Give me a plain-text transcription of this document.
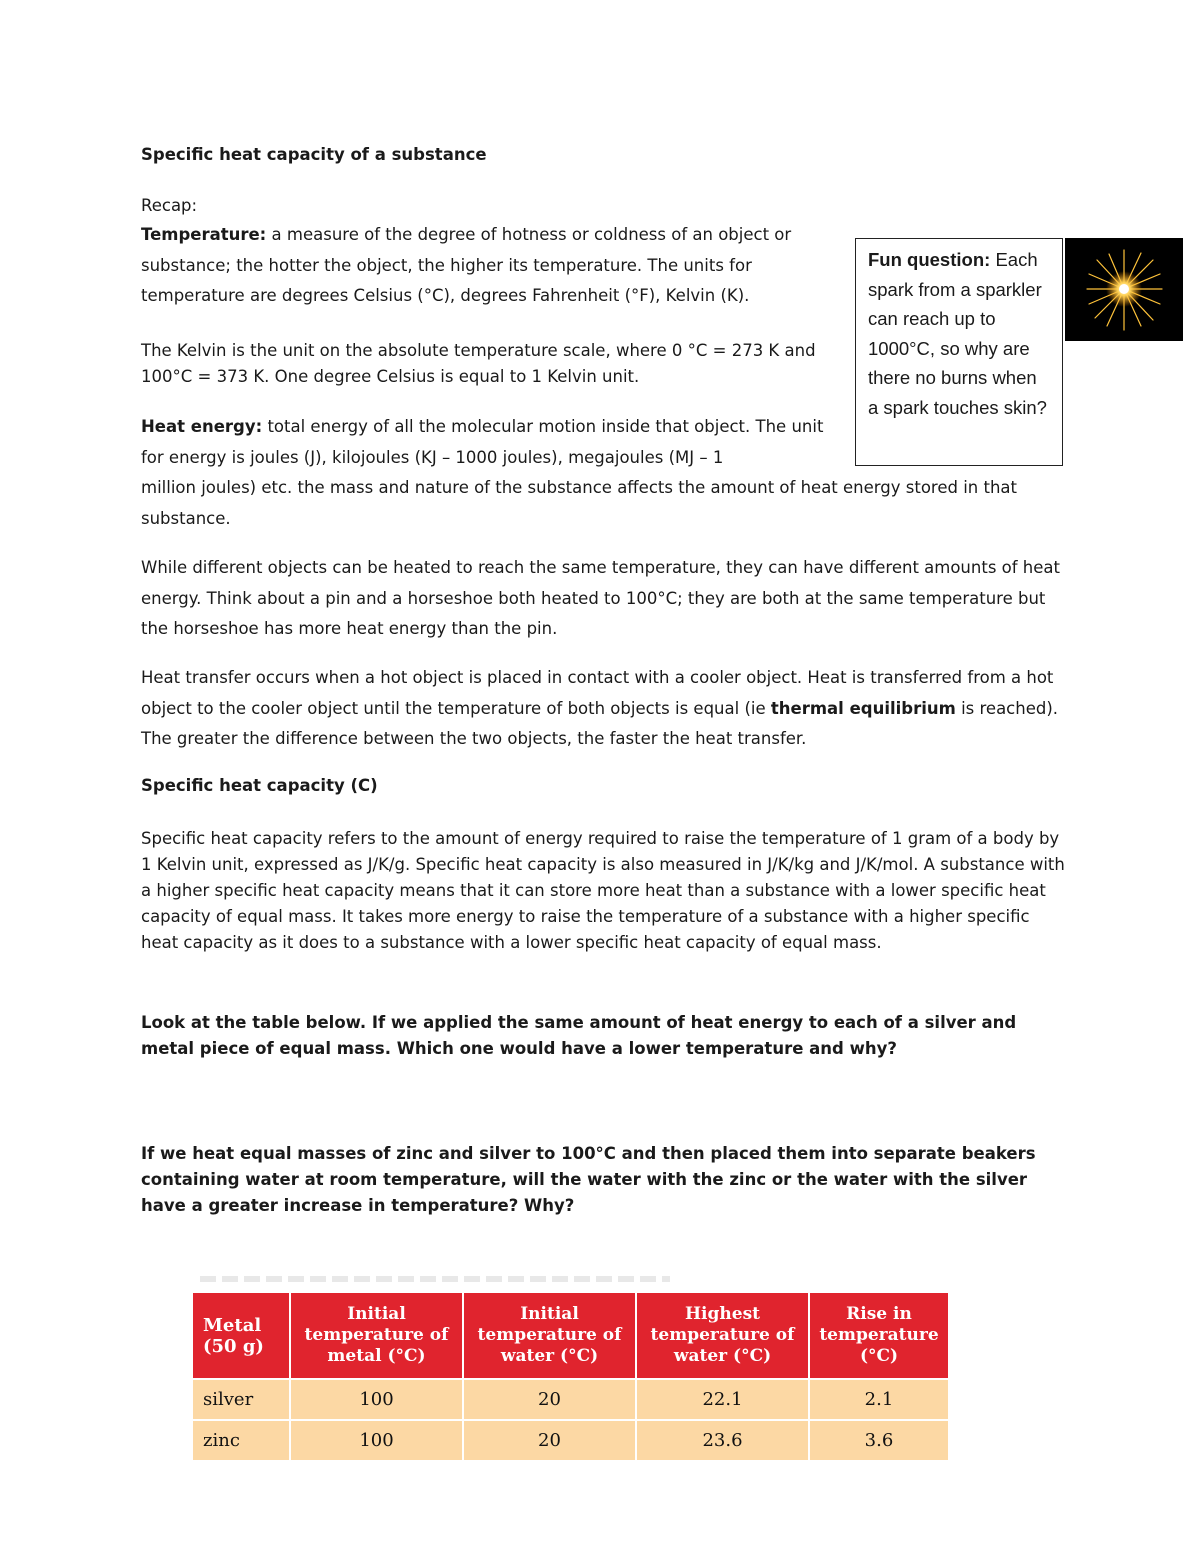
Specific heat capacity of a substance

Recap:

Temperature: a measure of the degree of hotness or coldness of an object or substance; the hotter the object, the higher its temperature. The units for temperature are degrees Celsius (°C), degrees Fahrenheit (°F), Kelvin (K).

The Kelvin is the unit on the absolute temperature scale, where 0 °C = 273 K and 100°C = 373 K. One degree Celsius is equal to 1 Kelvin unit.

Heat energy: total energy of all the molecular motion inside that object. The unit for energy is joules (J), kilojoules (KJ – 1000 joules), megajoules (MJ – 1

million joules) etc. the mass and nature of the substance affects the amount of heat energy stored in that substance.

While different objects can be heated to reach the same temperature, they can have different amounts of heat energy. Think about a pin and a horseshoe both heated to 100°C; they are both at the same temperature but the horseshoe has more heat energy than the pin.

Heat transfer occurs when a hot object is placed in contact with a cooler object. Heat is transferred from a hot object to the cooler object until the temperature of both objects is equal (ie thermal equilibrium is reached). The greater the difference between the two objects, the faster the heat transfer.

Specific heat capacity (C)

Specific heat capacity refers to the amount of energy required to raise the temperature of 1 gram of a body by 1 Kelvin unit, expressed as J/K/g. Specific heat capacity is also measured in J/K/kg and J/K/mol. A substance with a higher specific heat capacity means that it can store more heat than a substance with a lower specific heat capacity of equal mass. It takes more energy to raise the temperature of a substance with a higher specific heat capacity as it does to a substance with a lower specific heat capacity of equal mass.

Look at the table below. If we applied the same amount of heat energy to each of a silver and metal piece of equal mass. Which one would have a lower temperature and why?

If we heat equal masses of zinc and silver to 100°C and then placed them into separate beakers containing water at room temperature, will the water with the zinc or the water with the silver have a greater increase in temperature? Why?

Fun question: Each spark from a sparkler can reach up to 1000°C, so why are there no burns when a spark touches skin?
Metal (50 g)	Initial temperature of metal (°C)	Initial temperature of water (°C)	Highest temperature of water (°C)	Rise in temperature (°C)
silver	100	20	22.1	2.1
zinc	100	20	23.6	3.6
